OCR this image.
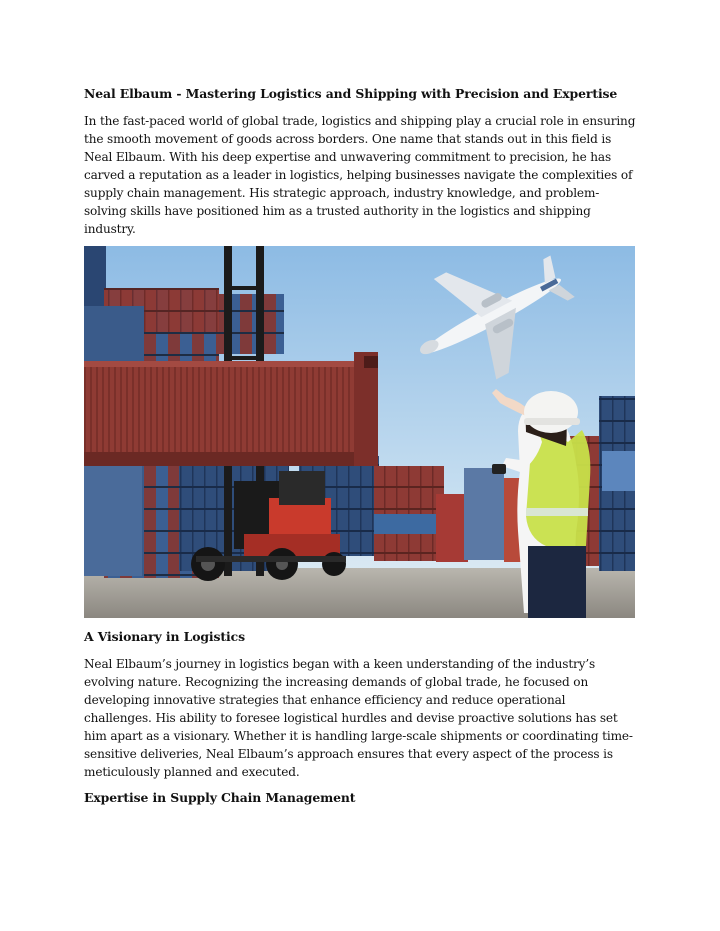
Neal Elbaum - Mastering Logistics and Shipping with Precision and Expertise

In the fast-paced world of global trade, logistics and shipping play a crucial role in ensuring the smooth movement of goods across borders. One name that stands out in this field is Neal Elbaum. With his deep expertise and unwavering commitment to precision, he has carved a reputation as a leader in logistics, helping businesses navigate the complexities of supply chain management. His strategic approach, industry knowledge, and problem-solving skills have positioned him as a trusted authority in the logistics and shipping industry.

A Visionary in Logistics

Neal Elbaum’s journey in logistics began with a keen understanding of the industry’s evolving nature. Recognizing the increasing demands of global trade, he focused on developing innovative strategies that enhance efficiency and reduce operational challenges. His ability to foresee logistical hurdles and devise proactive solutions has set him apart as a visionary. Whether it is handling large-scale shipments or coordinating time-sensitive deliveries, Neal Elbaum’s approach ensures that every aspect of the process is meticulously planned and executed.

Expertise in Supply Chain Management
